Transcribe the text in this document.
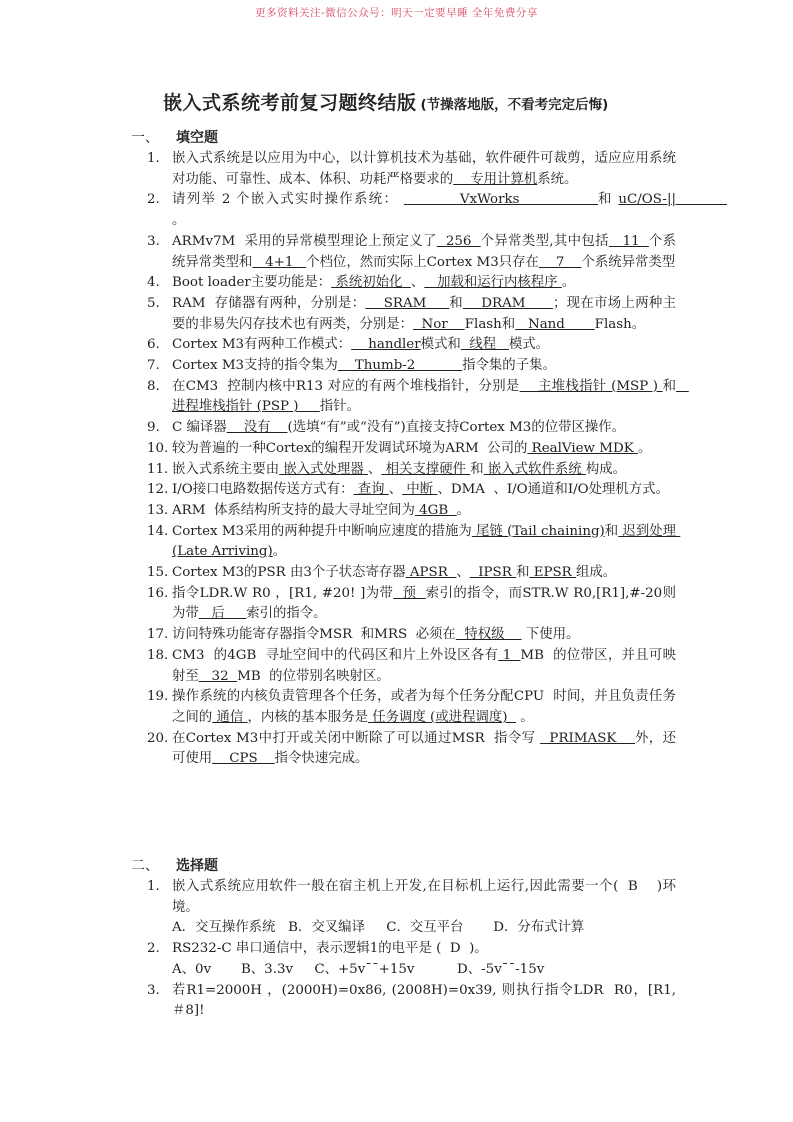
更多资料关注-微信公众号：明天一定要早睡 全年免费分享
嵌入式系统考前复习题终结版 (节操落地版，不看考完定后悔)
一、 填空题
1. 嵌入式系统是以应用为中心，以计算机技术为基础，软件硬件可裁剪，适应应用系统对功能、可靠性、成本、体积、功耗严格要求的    专用计算机系统。
2. 请列举 2 个嵌入式实时操作系统：           VxWorks              和 uC/OS-||            。
3. ARMv7M  采用的异常模型理论上预定义了  256  个异常类型,其中包括   11  个系统异常类型和   4+1   个档位，然而实际上Cortex M3只存在    7    个系统异常类型
4. Boot loader主要功能是： 系统初始化  、   加载和运行内核程序 。
5. RAM  存储器有两种，分别是：    SRAM     和    DRAM      ；现在市场上两种主要的非易失闪存技术也有两类，分别是：  Nor    Flash和   Nand       Flash。
6. Cortex M3有两种工作模式：    handler模式和  线程   模式。
7. Cortex M3支持的指令集为    Thumb-2           指令集的子集。
8. 在CM3  控制内核中R13 对应的有两个堆栈指针，分别是    主堆栈指针 (MSP ) 和   进程堆栈指针 (PSP )     指针。
9. C 编译器    没有    (选填“有”或“没有”)直接支持Cortex M3的位带区操作。
10. 较为普遍的一种Cortex的编程开发调试环境为ARM  公司的 RealView MDK 。
11. 嵌入式系统主要由 嵌入式处理器 、 相关支撑硬件 和 嵌入式软件系统 构成。
12. I/O接口电路数据传送方式有： 查询 、 中断 、DMA  、I/O通道和I/O处理机方式。
13. ARM  体系结构所支持的最大寻址空间为 4GB  。
14. Cortex M3采用的两种提升中断响应速度的措施为 尾链 (Tail chaining)和 迟到处理 (Late Arriving)。
15. Cortex M3的PSR 由3个子状态寄存器 APSR  、  IPSR 和 EPSR 组成。
16. 指令LDR.W R0 ，[R1, #20! ]为带  预  索引的指令，而STR.W R0,[R1],#-20则为带   后     索引的指令。
17. 访问特殊功能寄存器指令MSR  和MRS  必须在  特权级     下使用。
18. CM3  的4GB  寻址空间中的代码区和片上外设区各有 1  MB  的位带区，并且可映射至   32  MB  的位带别名映射区。
19. 操作系统的内核负责管理各个任务，或者为每个任务分配CPU  时间，并且负责任务之间的 通信 ，内核的基本服务是 任务调度 (或进程调度)   。
20. 在Cortex M3中打开或关闭中断除了可以通过MSR  指令写   PRIMASK    外，还可使用    CPS    指令快速完成。
二、 选择题
1. 嵌入式系统应用软件一般在宿主机上开发,在目标机上运行,因此需要一个(  B    )环境。
A．交互操作系统   B．交叉编译     C．交互平台       D．分布式计算
2. RS232-C 串口通信中，表示逻辑1的电平是 (  D  )。
A、0v       B、3.3v     C、+5v¯¯+15v          D、-5v¯¯-15v
3. 若R1=2000H ，(2000H)=0x86, (2008H)=0x39, 则执行指令LDR  R0，[R1, ＃8]!
